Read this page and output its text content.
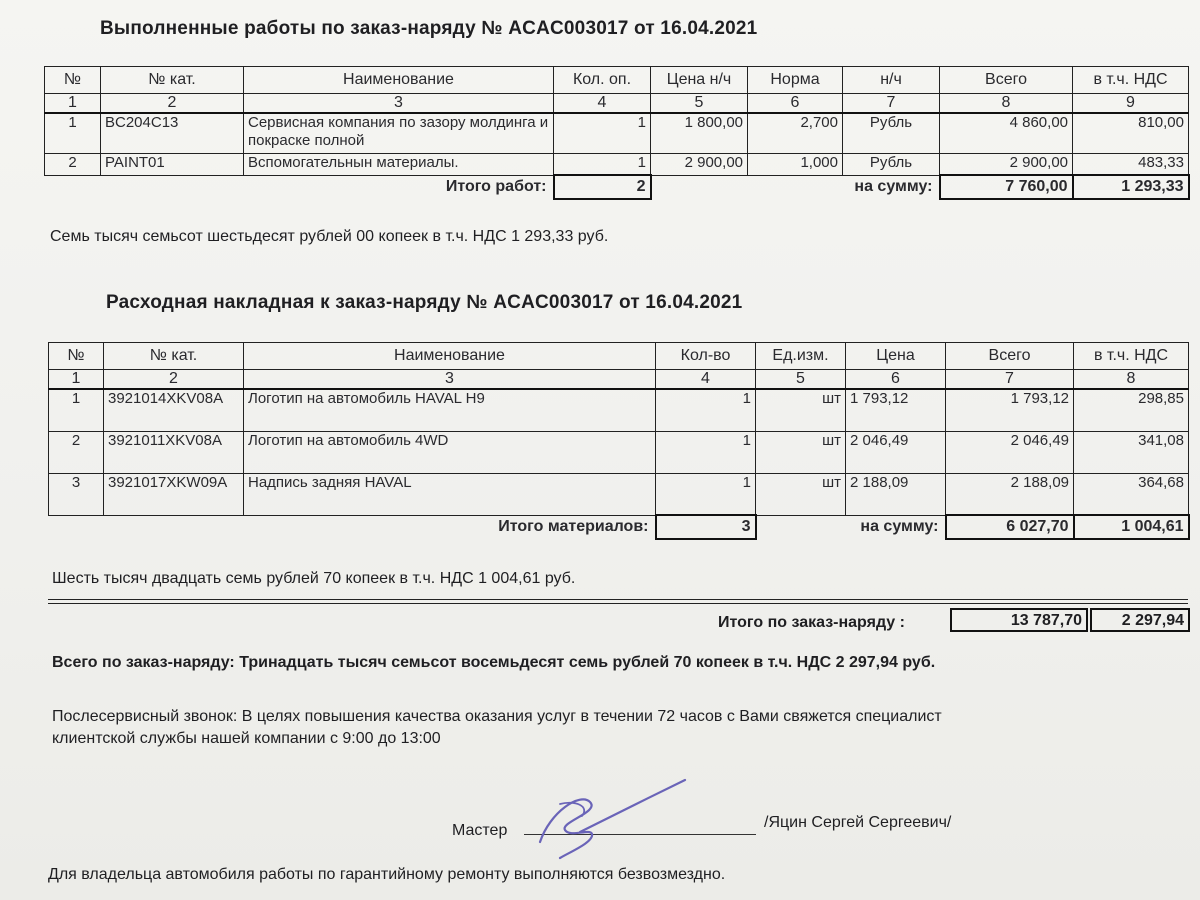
Выполненные работы по заказ-наряду № ACAC003017 от 16.04.2021
№	№ кат.	Наименование	Кол. оп.	Цена н/ч	Норма	н/ч	Всего	в т.ч. НДС
1	2	3	4	5	6	7	8	9
1	BC204C13	Сервисная компания по зазору молдинга и покраске полной	1	1 800,00	2,700	Рубль	4 860,00	810,00
2	PAINT01	Вспомогательнын материалы.	1	2 900,00	1,000	Рубль	2 900,00	483,33
Итого работ:			2	на сумму:			7 760,00	1 293,33
Семь тысяч семьсот шестьдесят рублей 00 копеек в т.ч. НДС 1 293,33 руб.
Расходная накладная к заказ-наряду № ACAC003017 от 16.04.2021
№	№ кат.	Наименование	Кол-во	Ед.изм.	Цена	Всего	в т.ч. НДС
1	2	3	4	5	6	7	8
1	3921014XKV08A	Логотип на автомобиль HAVAL H9	1	шт	1 793,12	1 793,12	298,85
2	3921011XKV08A	Логотип на автомобиль 4WD	1	шт	2 046,49	2 046,49	341,08
3	3921017XKW09A	Надпись задняя HAVAL	1	шт	2 188,09	2 188,09	364,68
Итого материалов:			3	на сумму:		6 027,70	1 004,61
Шесть тысяч двадцать семь рублей 70 копеек в т.ч. НДС 1 004,61 руб.
Итого по заказ-наряду :	13 787,70	2 297,94
Всего по заказ-наряду: Тринадцать тысяч семьсот восемьдесят семь рублей 70 копеек в т.ч. НДС 2 297,94 руб.
Послесервисный звонок: В целях повышения качества оказания услуг в течении 72 часов с Вами свяжется специалист
клиентской службы нашей компании с 9:00 до 13:00
Мастер	/Яцин Сергей Сергеевич/
Для владельца автомобиля работы по гарантийному ремонту выполняются безвозмездно.
